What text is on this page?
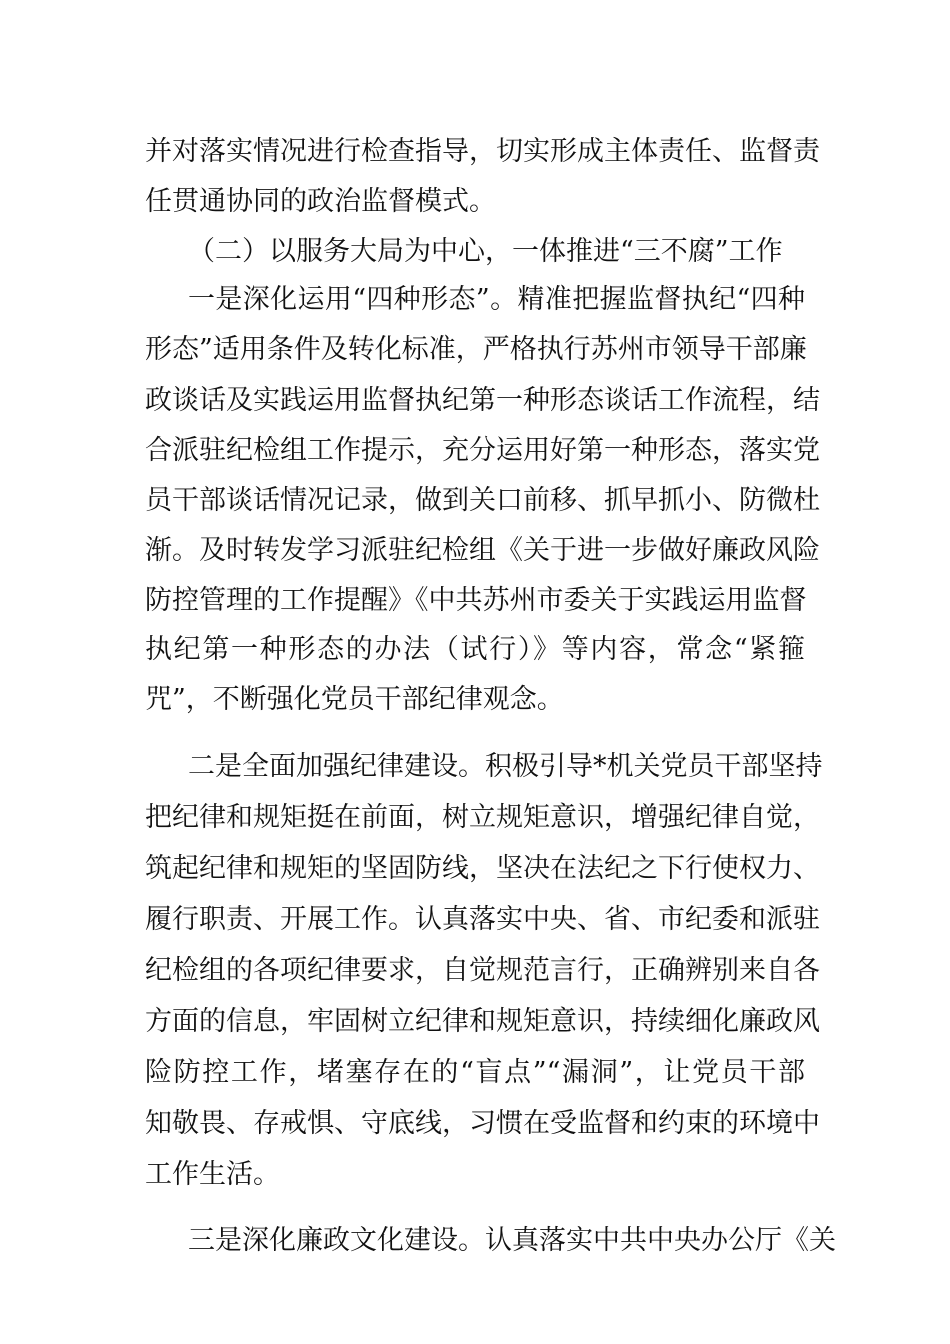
并对落实情况进行检查指导，切实形成主体责任、监督责

任贯通协同的政治监督模式。

（二）以服务大局为中心，一体推进“三不腐”工作

一是深化运用“四种形态”。精准把握监督执纪“四种

形态”适用条件及转化标准，严格执行苏州市领导干部廉

政谈话及实践运用监督执纪第一种形态谈话工作流程，结

合派驻纪检组工作提示，充分运用好第一种形态，落实党

员干部谈话情况记录，做到关口前移、抓早抓小、防微杜

渐。及时转发学习派驻纪检组《关于进一步做好廉政风险

防控管理的工作提醒》《中共苏州市委关于实践运用监督

执纪第一种形态的办法（试行）》等内容，常念“紧箍

咒”，不断强化党员干部纪律观念。

二是全面加强纪律建设。积极引导*机关党员干部坚持

把纪律和规矩挺在前面，树立规矩意识，增强纪律自觉，

筑起纪律和规矩的坚固防线，坚决在法纪之下行使权力、

履行职责、开展工作。认真落实中央、省、市纪委和派驻

纪检组的各项纪律要求，自觉规范言行，正确辨别来自各

方面的信息，牢固树立纪律和规矩意识，持续细化廉政风

险防控工作，堵塞存在的“盲点”“漏洞”，让党员干部

知敬畏、存戒惧、守底线，习惯在受监督和约束的环境中

工作生活。

三是深化廉政文化建设。认真落实中共中央办公厅《关
